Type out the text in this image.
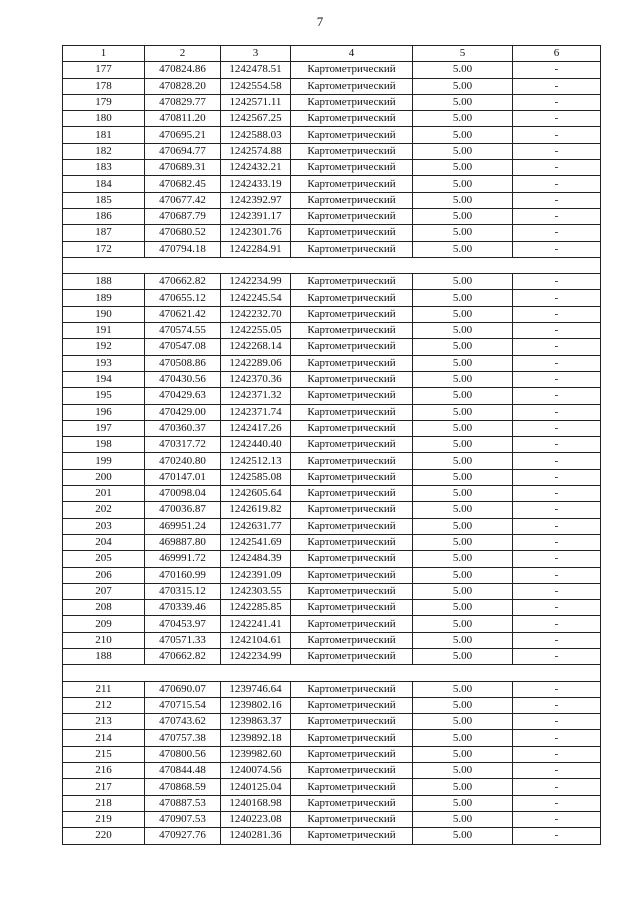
7
1	2	3	4	5	6
177	470824.86	1242478.51	Картометрический	5.00	-
178	470828.20	1242554.58	Картометрический	5.00	-
179	470829.77	1242571.11	Картометрический	5.00	-
180	470811.20	1242567.25	Картометрический	5.00	-
181	470695.21	1242588.03	Картометрический	5.00	-
182	470694.77	1242574.88	Картометрический	5.00	-
183	470689.31	1242432.21	Картометрический	5.00	-
184	470682.45	1242433.19	Картометрический	5.00	-
185	470677.42	1242392.97	Картометрический	5.00	-
186	470687.79	1242391.17	Картометрический	5.00	-
187	470680.52	1242301.76	Картометрический	5.00	-
172	470794.18	1242284.91	Картометрический	5.00	-

188	470662.82	1242234.99	Картометрический	5.00	-
189	470655.12	1242245.54	Картометрический	5.00	-
190	470621.42	1242232.70	Картометрический	5.00	-
191	470574.55	1242255.05	Картометрический	5.00	-
192	470547.08	1242268.14	Картометрический	5.00	-
193	470508.86	1242289.06	Картометрический	5.00	-
194	470430.56	1242370.36	Картометрический	5.00	-
195	470429.63	1242371.32	Картометрический	5.00	-
196	470429.00	1242371.74	Картометрический	5.00	-
197	470360.37	1242417.26	Картометрический	5.00	-
198	470317.72	1242440.40	Картометрический	5.00	-
199	470240.80	1242512.13	Картометрический	5.00	-
200	470147.01	1242585.08	Картометрический	5.00	-
201	470098.04	1242605.64	Картометрический	5.00	-
202	470036.87	1242619.82	Картометрический	5.00	-
203	469951.24	1242631.77	Картометрический	5.00	-
204	469887.80	1242541.69	Картометрический	5.00	-
205	469991.72	1242484.39	Картометрический	5.00	-
206	470160.99	1242391.09	Картометрический	5.00	-
207	470315.12	1242303.55	Картометрический	5.00	-
208	470339.46	1242285.85	Картометрический	5.00	-
209	470453.97	1242241.41	Картометрический	5.00	-
210	470571.33	1242104.61	Картометрический	5.00	-
188	470662.82	1242234.99	Картометрический	5.00	-

211	470690.07	1239746.64	Картометрический	5.00	-
212	470715.54	1239802.16	Картометрический	5.00	-
213	470743.62	1239863.37	Картометрический	5.00	-
214	470757.38	1239892.18	Картометрический	5.00	-
215	470800.56	1239982.60	Картометрический	5.00	-
216	470844.48	1240074.56	Картометрический	5.00	-
217	470868.59	1240125.04	Картометрический	5.00	-
218	470887.53	1240168.98	Картометрический	5.00	-
219	470907.53	1240223.08	Картометрический	5.00	-
220	470927.76	1240281.36	Картометрический	5.00	-
